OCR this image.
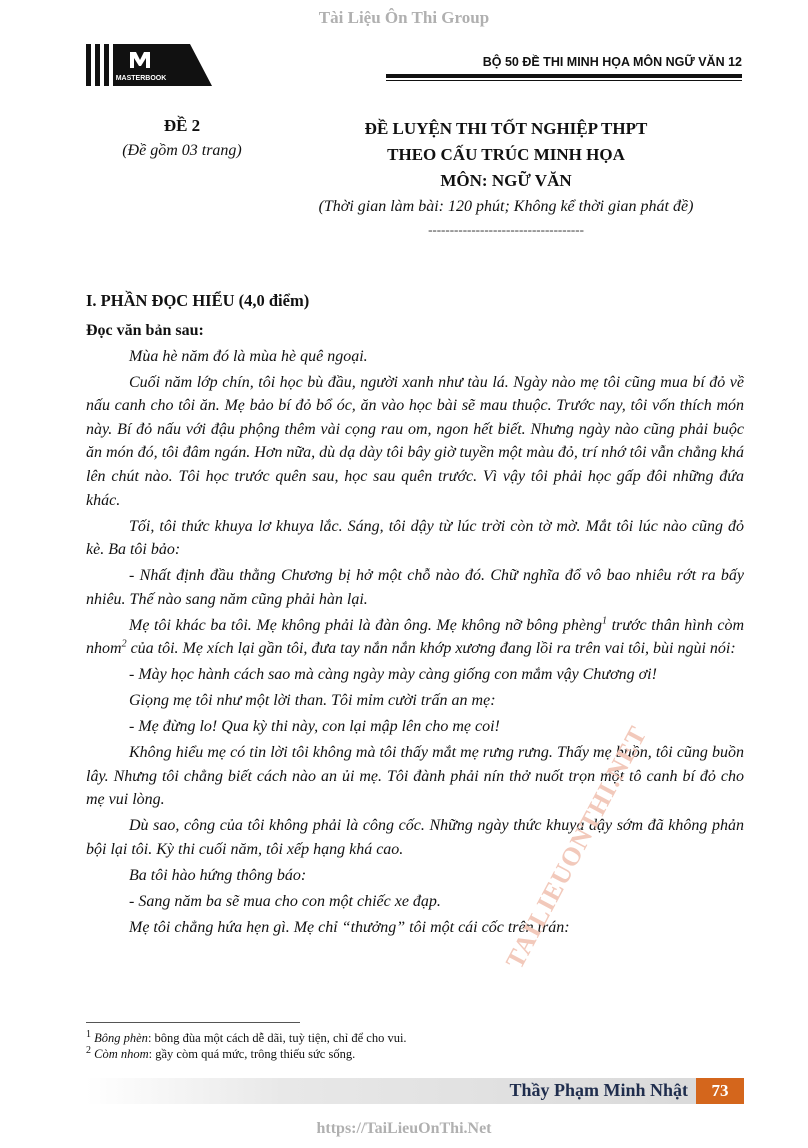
Tài Liệu Ôn Thi Group
MASTERBOOK
BỘ 50 ĐỀ THI MINH HỌA MÔN NGỮ VĂN 12
ĐỀ 2
(Đề gồm 03 trang)
ĐỀ LUYỆN THI TỐT NGHIỆP THPT
THEO CẤU TRÚC MINH HỌA
MÔN: NGỮ VĂN
(Thời gian làm bài: 120 phút; Không kể thời gian phát đề)
------------------------------------

I. PHẦN ĐỌC HIỂU (4,0 điểm)

Đọc văn bản sau:

Mùa hè năm đó là mùa hè quê ngoại.

Cuối năm lớp chín, tôi học bù đầu, người xanh như tàu lá. Ngày nào mẹ tôi cũng mua bí đỏ về nấu canh cho tôi ăn. Mẹ bảo bí đỏ bổ óc, ăn vào học bài sẽ mau thuộc. Trước nay, tôi vốn thích món này. Bí đỏ nấu với đậu phộng thêm vài cọng rau om, ngon hết biết. Nhưng ngày nào cũng phải buộc ăn món đó, tôi đâm ngán. Hơn nữa, dù dạ dày tôi bây giờ tuyền một màu đỏ, trí nhớ tôi vẫn chẳng khá lên chút nào. Tôi học trước quên sau, học sau quên trước. Vì vậy tôi phải học gấp đôi những đứa khác.

Tối, tôi thức khuya lơ khuya lắc. Sáng, tôi dậy từ lúc trời còn tờ mờ. Mắt tôi lúc nào cũng đỏ kè. Ba tôi bảo:

- Nhất định đầu thằng Chương bị hở một chỗ nào đó. Chữ nghĩa đổ vô bao nhiêu rớt ra bấy nhiêu. Thế nào sang năm cũng phải hàn lại.

Mẹ tôi khác ba tôi. Mẹ không phải là đàn ông. Mẹ không nỡ bông phèng$^1$ trước thân hình còm nhom$^2$ của tôi. Mẹ xích lại gần tôi, đưa tay nắn nắn khớp xương đang lồi ra trên vai tôi, bùi ngùi nói:

- Mày học hành cách sao mà càng ngày mày càng giống con mắm vậy Chương ơi!

Giọng mẹ tôi như một lời than. Tôi mỉm cười trấn an mẹ:

- Mẹ đừng lo! Qua kỳ thi này, con lại mập lên cho mẹ coi!

Không hiểu mẹ có tin lời tôi không mà tôi thấy mắt mẹ rưng rưng. Thấy mẹ buồn, tôi cũng buồn lây. Nhưng tôi chẳng biết cách nào an ủi mẹ. Tôi đành phải nín thở nuốt trọn một tô canh bí đỏ cho mẹ vui lòng.

Dù sao, công của tôi không phải là công cốc. Những ngày thức khuya dậy sớm đã không phản bội lại tôi. Kỳ thi cuối năm, tôi xếp hạng khá cao.

Ba tôi hào hứng thông báo:

- Sang năm ba sẽ mua cho con một chiếc xe đạp.

Mẹ tôi chẳng hứa hẹn gì. Mẹ chỉ “thưởng” tôi một cái cốc trên trán:

TAILIEUONTHI.NET
$^1$ Bông phèn: bông đùa một cách dễ dãi, tuỳ tiện, chỉ để cho vui.
$^2$ Còm nhom: gầy còm quá mức, trông thiếu sức sống.
Thầy Phạm Minh Nhật	73
https://TaiLieuOnThi.Net
